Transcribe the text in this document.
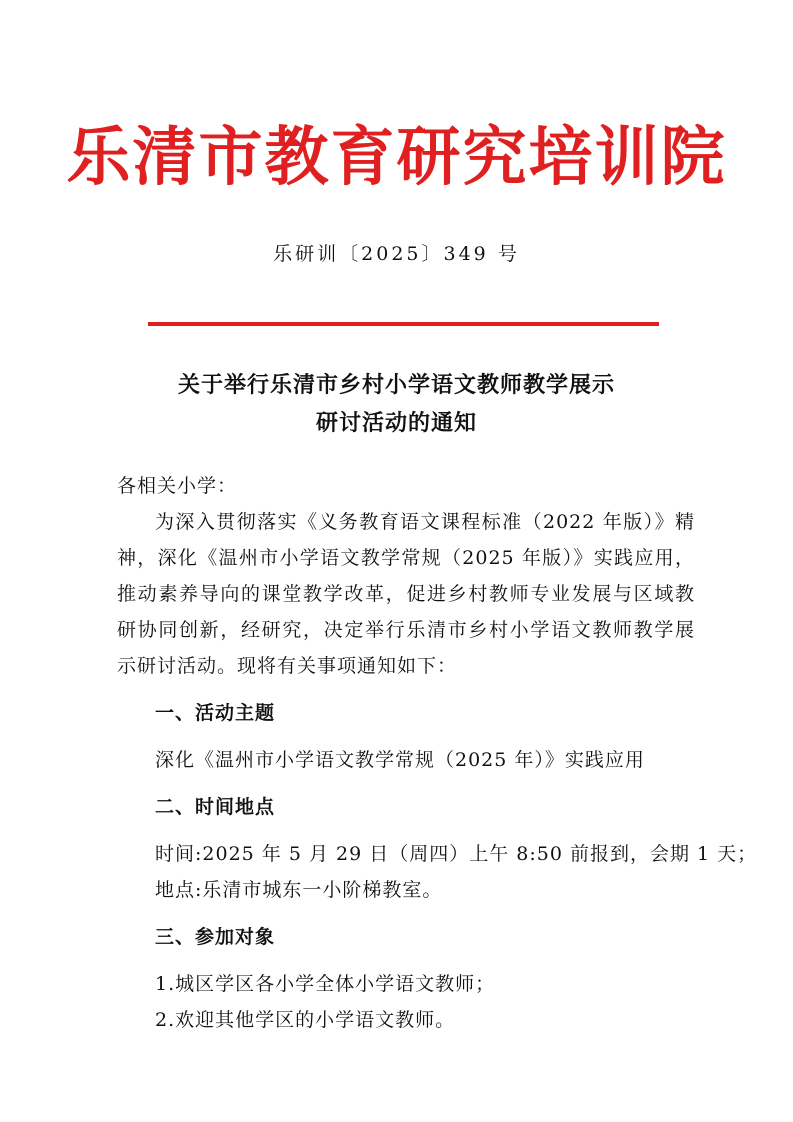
乐清市教育研究培训院
乐研训〔2025〕349 号
关于举行乐清市乡村小学语文教师教学展示
研讨活动的通知
各相关小学：
为深入贯彻落实《义务教育语文课程标准（2022 年版）》精神，深化《温州市小学语文教学常规（2025 年版）》实践应用，推动素养导向的课堂教学改革，促进乡村教师专业发展与区域教研协同创新，经研究，决定举行乐清市乡村小学语文教师教学展示研讨活动。现将有关事项通知如下：
一、活动主题
深化《温州市小学语文教学常规（2025 年）》实践应用
二、时间地点
时间:2025 年 5 月 29 日（周四）上午 8:50 前报到，会期 1 天；
地点:乐清市城东一小阶梯教室。
三、参加对象
1.城区学区各小学全体小学语文教师；
2.欢迎其他学区的小学语文教师。
